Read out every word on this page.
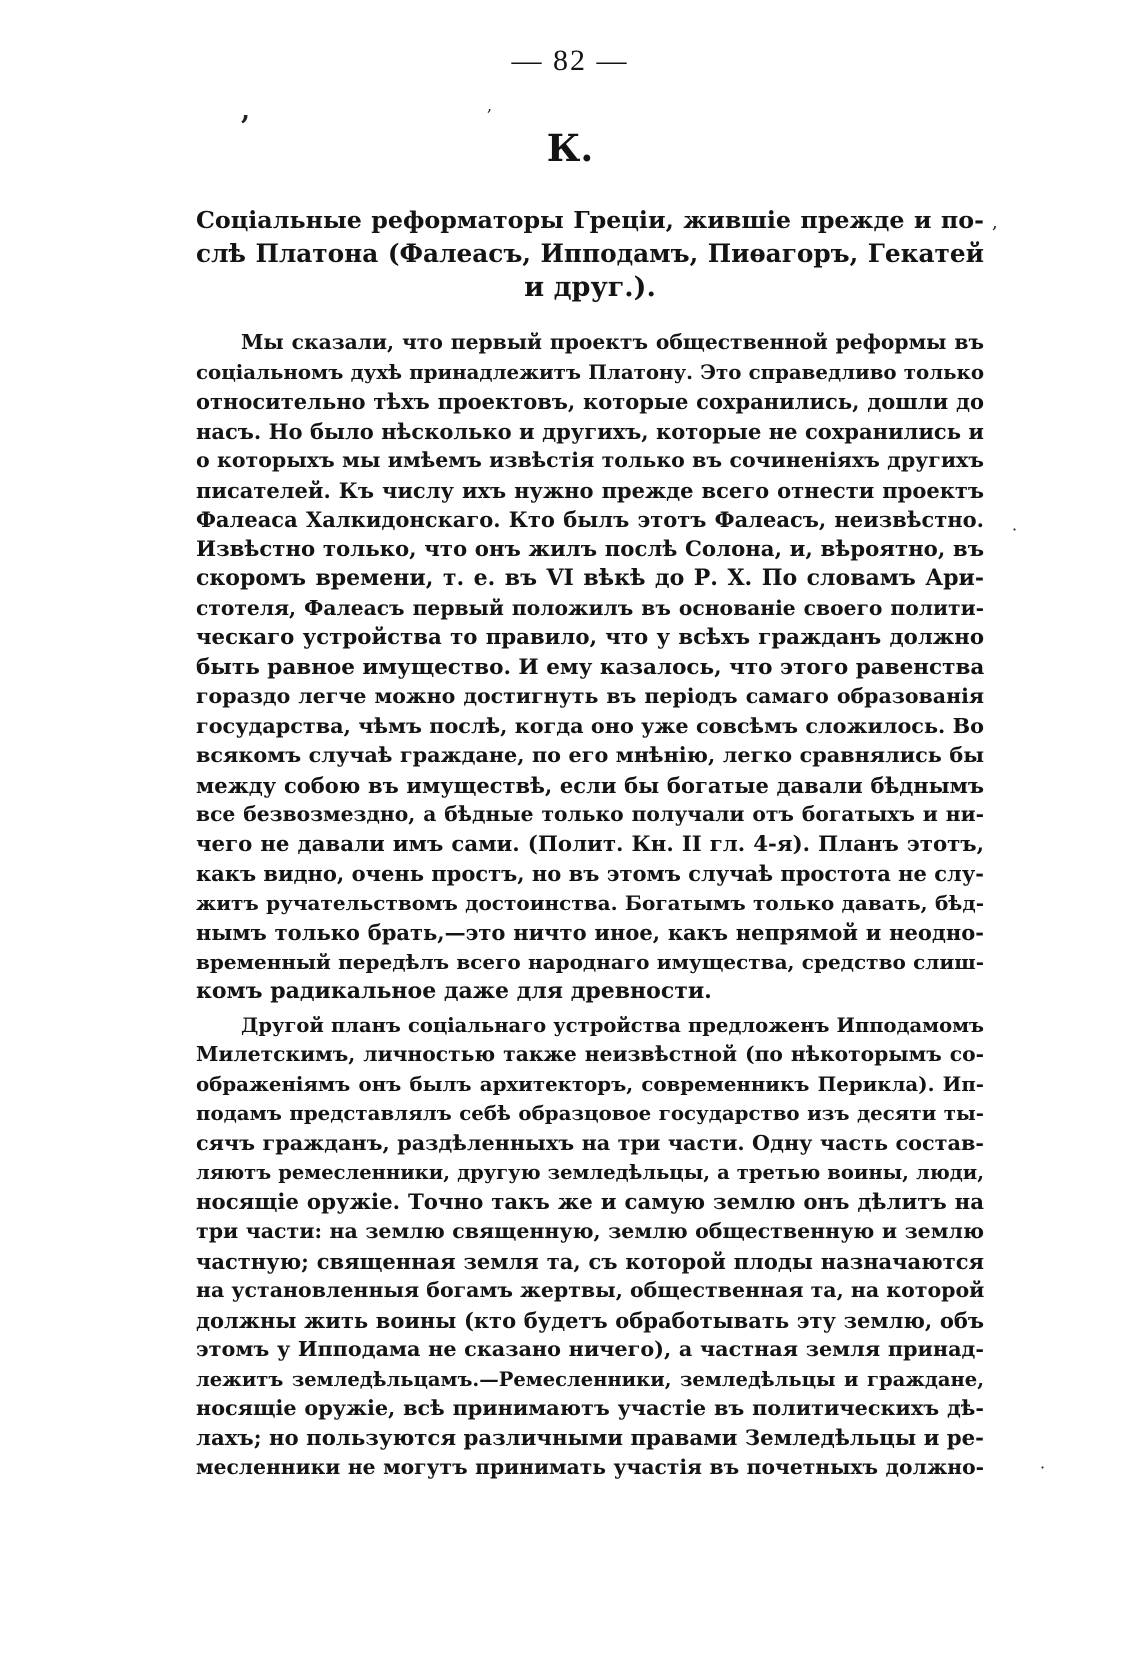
— 82 —
К.
Соціальные реформаторы Греціи, жившіе прежде и по-
слѣ Платона (Фалеасъ, Ипподамъ, Пиѳагоръ, Гекатей
и друг.).
Мы сказали, что первый проектъ общественной реформы въ
соціальномъ духѣ принадлежитъ Платону. Это справедливо только
относительно тѣхъ проектовъ, которые сохранились, дошли до
насъ. Но было нѣсколько и другихъ, которые не сохранились и
о которыхъ мы имѣемъ извѣстія только въ сочиненіяхъ другихъ
писателей. Къ числу ихъ нужно прежде всего отнести проектъ
Фалеаса Халкидонскаго. Кто былъ этотъ Фалеасъ, неизвѣстно.
Извѣстно только, что онъ жилъ послѣ Солона, и, вѣроятно, въ
скоромъ времени, т. е. въ VI вѣкѣ до Р. X. По словамъ Ари-
стотеля, Фалеасъ первый положилъ въ основаніе своего полити-
ческаго устройства то правило, что у всѣхъ гражданъ должно
быть равное имущество. И ему казалось, что этого равенства
гораздо легче можно достигнуть въ періодъ самаго образованія
государства, чѣмъ послѣ, когда оно уже совсѣмъ сложилось. Во
всякомъ случаѣ граждане, по его мнѣнію, легко сравнялись бы
между собою въ имуществѣ, если бы богатые давали бѣднымъ
все безвозмездно, а бѣдные только получали отъ богатыхъ и ни-
чего не давали имъ сами. (Полит. Кн. II гл. 4-я). Планъ этотъ,
какъ видно, очень простъ, но въ этомъ случаѣ простота не слу-
житъ ручательствомъ достоинства. Богатымъ только давать, бѣд-
нымъ только брать,—это ничто иное, какъ непрямой и неодно-
временный передѣлъ всего народнаго имущества, средство слиш-
комъ радикальное даже для древности.
Другой планъ соціальнаго устройства предложенъ Ипподамомъ
Милетскимъ, личностью также неизвѣстной (по нѣкоторымъ со-
ображеніямъ онъ былъ архитекторъ, современникъ Перикла). Ип-
подамъ представлялъ себѣ образцовое государство изъ десяти ты-
сячъ гражданъ, раздѣленныхъ на три части. Одну часть состав-
ляютъ ремесленники, другую земледѣльцы, а третью воины, люди,
носящіе оружіе. Точно такъ же и самую землю онъ дѣлитъ на
три части: на землю священную, землю общественную и землю
частную; священная земля та, съ которой плоды назначаются
на установленныя богамъ жертвы, общественная та, на которой
должны жить воины (кто будетъ обработывать эту землю, объ
этомъ у Ипподама не сказано ничего), а частная земля принад-
лежитъ земледѣльцамъ.—Ремесленники, земледѣльцы и граждане,
носящіе оружіе, всѣ принимаютъ участіе въ политическихъ дѣ-
лахъ; но пользуются различными правами Земледѣльцы и ре-
месленники не могутъ принимать участія въ почетныхъ должно-
,	,
,
·
·
